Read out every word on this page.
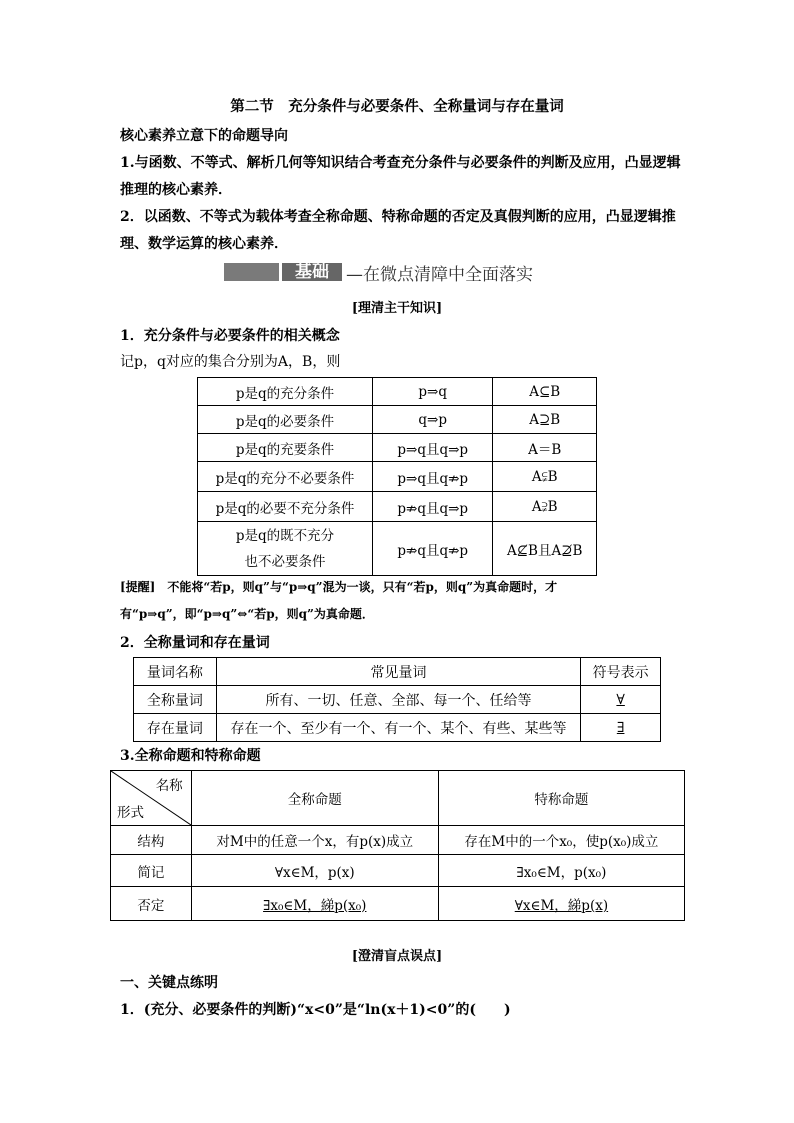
第二节　充分条件与必要条件、全称量词与存在量词
核心素养立意下的命题导向
1.与函数、不等式、解析几何等知识结合考查充分条件与必要条件的判断及应用，凸显逻辑
推理的核心素养．
2．以函数、不等式为载体考查全称命题、特称命题的否定及真假判断的应用，凸显逻辑推
理、数学运算的核心素养．
基础	—在微点清障中全面落实
[理清主干知识]
1．充分条件与必要条件的相关概念
记p，q对应的集合分别为A，B，则
p是q的充分条件	p⇒q	A⊆B
p是q的必要条件	q⇒p	A⊇B
p是q的充要条件	p⇒q且q⇒p	A＝B
p是q的充分不必要条件	p⇒q且q⇏p	A⫋B
p是q的必要不充分条件	p⇏q且q⇒p	A⫌B
p是q的既不充分
也不必要条件	p⇏q且q⇏p	A⊈B且A⊉B
[提醒]　不能将“若p，则q”与“p⇒q”混为一谈，只有“若p，则q”为真命题时，才
有“p⇒q”，即“p⇒q”⇔“若p，则q”为真命题．
2．全称量词和存在量词
量词名称	常见量词	符号表示
全称量词	所有、一切、任意、全部、每一个、任给等	∀
存在量词	存在一个、至少有一个、有一个、某个、有些、某些等	∃
3.全称命题和特称命题
名称
形式	全称命题	特称命题
结构	对M中的任意一个x，有p(x)成立	存在M中的一个x₀，使p(x₀)成立
简记	∀x∈M，p(x)	∃x₀∈M，p(x₀)
否定	∃x₀∈M，綈p(x₀)	∀x∈M，綈p(x)
[澄清盲点误点]
一、关键点练明
1．(充分、必要条件的判断)“x<0”是“ln(x＋1)<0”的(　　)
